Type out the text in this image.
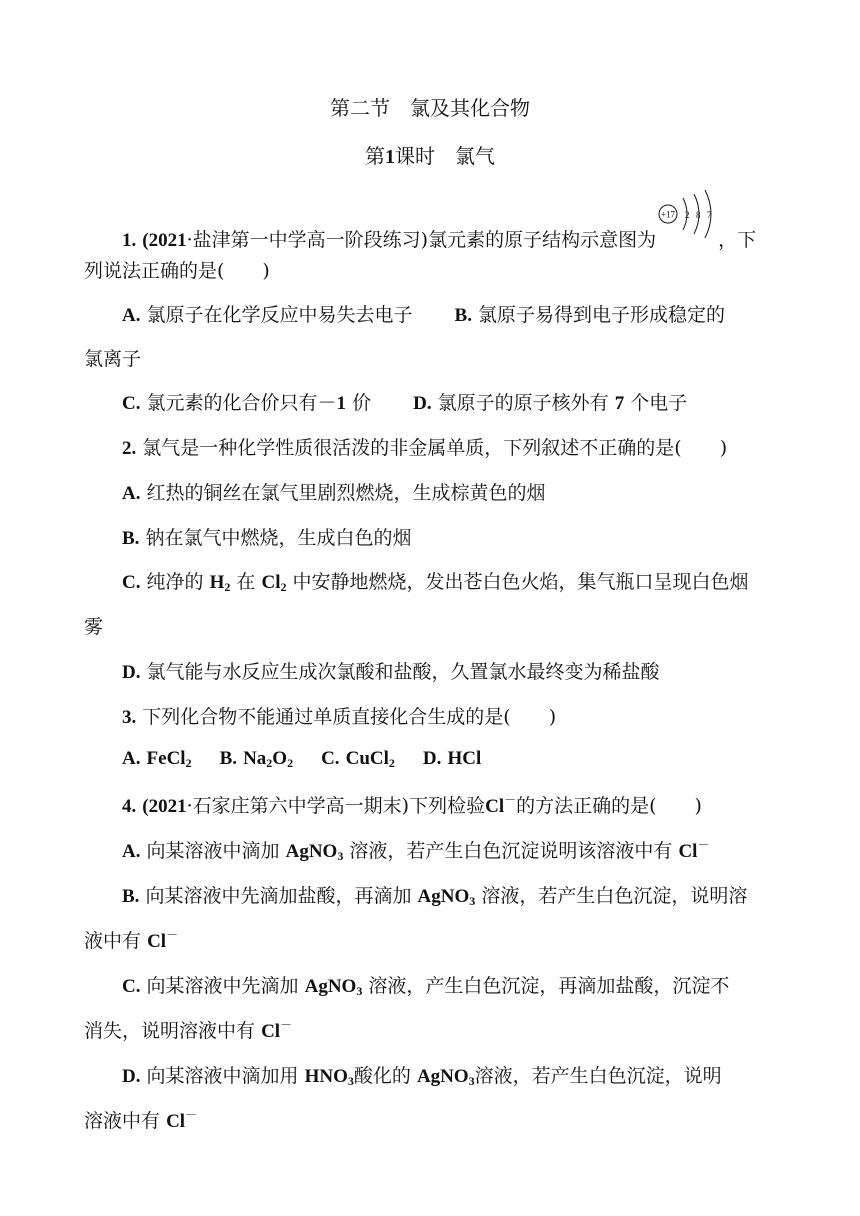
第二节　氯及其化合物
第1课时　氯气
1. (2021·盐津第一中学高一阶段练习)氯元素的原子结构示意图为
+17 2 8 7
，下
列说法正确的是(　　)
A. 氯原子在化学反应中易失去电子 B. 氯原子易得到电子形成稳定的
氯离子
C. 氯元素的化合价只有－1 价 D. 氯原子的原子核外有 7 个电子
2. 氯气是一种化学性质很活泼的非金属单质，下列叙述不正确的是(　　)
A. 红热的铜丝在氯气里剧烈燃烧，生成棕黄色的烟
B. 钠在氯气中燃烧，生成白色的烟
C. 纯净的 $H_2$ 在 $Cl_2$ 中安静地燃烧，发出苍白色火焰，集气瓶口呈现白色烟
雾
D. 氯气能与水反应生成次氯酸和盐酸，久置氯水最终变为稀盐酸
3. 下列化合物不能通过单质直接化合生成的是(　　)
A. FeCl$_2$ B. $Na_2O_2$ C. CuCl$_2$ D. HCl
4. (2021·石家庄第六中学高一期末)下列检验Cl－的方法正确的是(　　)
A. 向某溶液中滴加 AgNO$_3$ 溶液，若产生白色沉淀说明该溶液中有 Cl－
B. 向某溶液中先滴加盐酸，再滴加 AgNO$_3$ 溶液，若产生白色沉淀，说明溶
液中有 Cl－
C. 向某溶液中先滴加 AgNO$_3$ 溶液，产生白色沉淀，再滴加盐酸，沉淀不
消失，说明溶液中有 Cl－
D. 向某溶液中滴加用 $HNO_3$酸化的 AgNO$_3$溶液，若产生白色沉淀，说明
溶液中有 Cl－
